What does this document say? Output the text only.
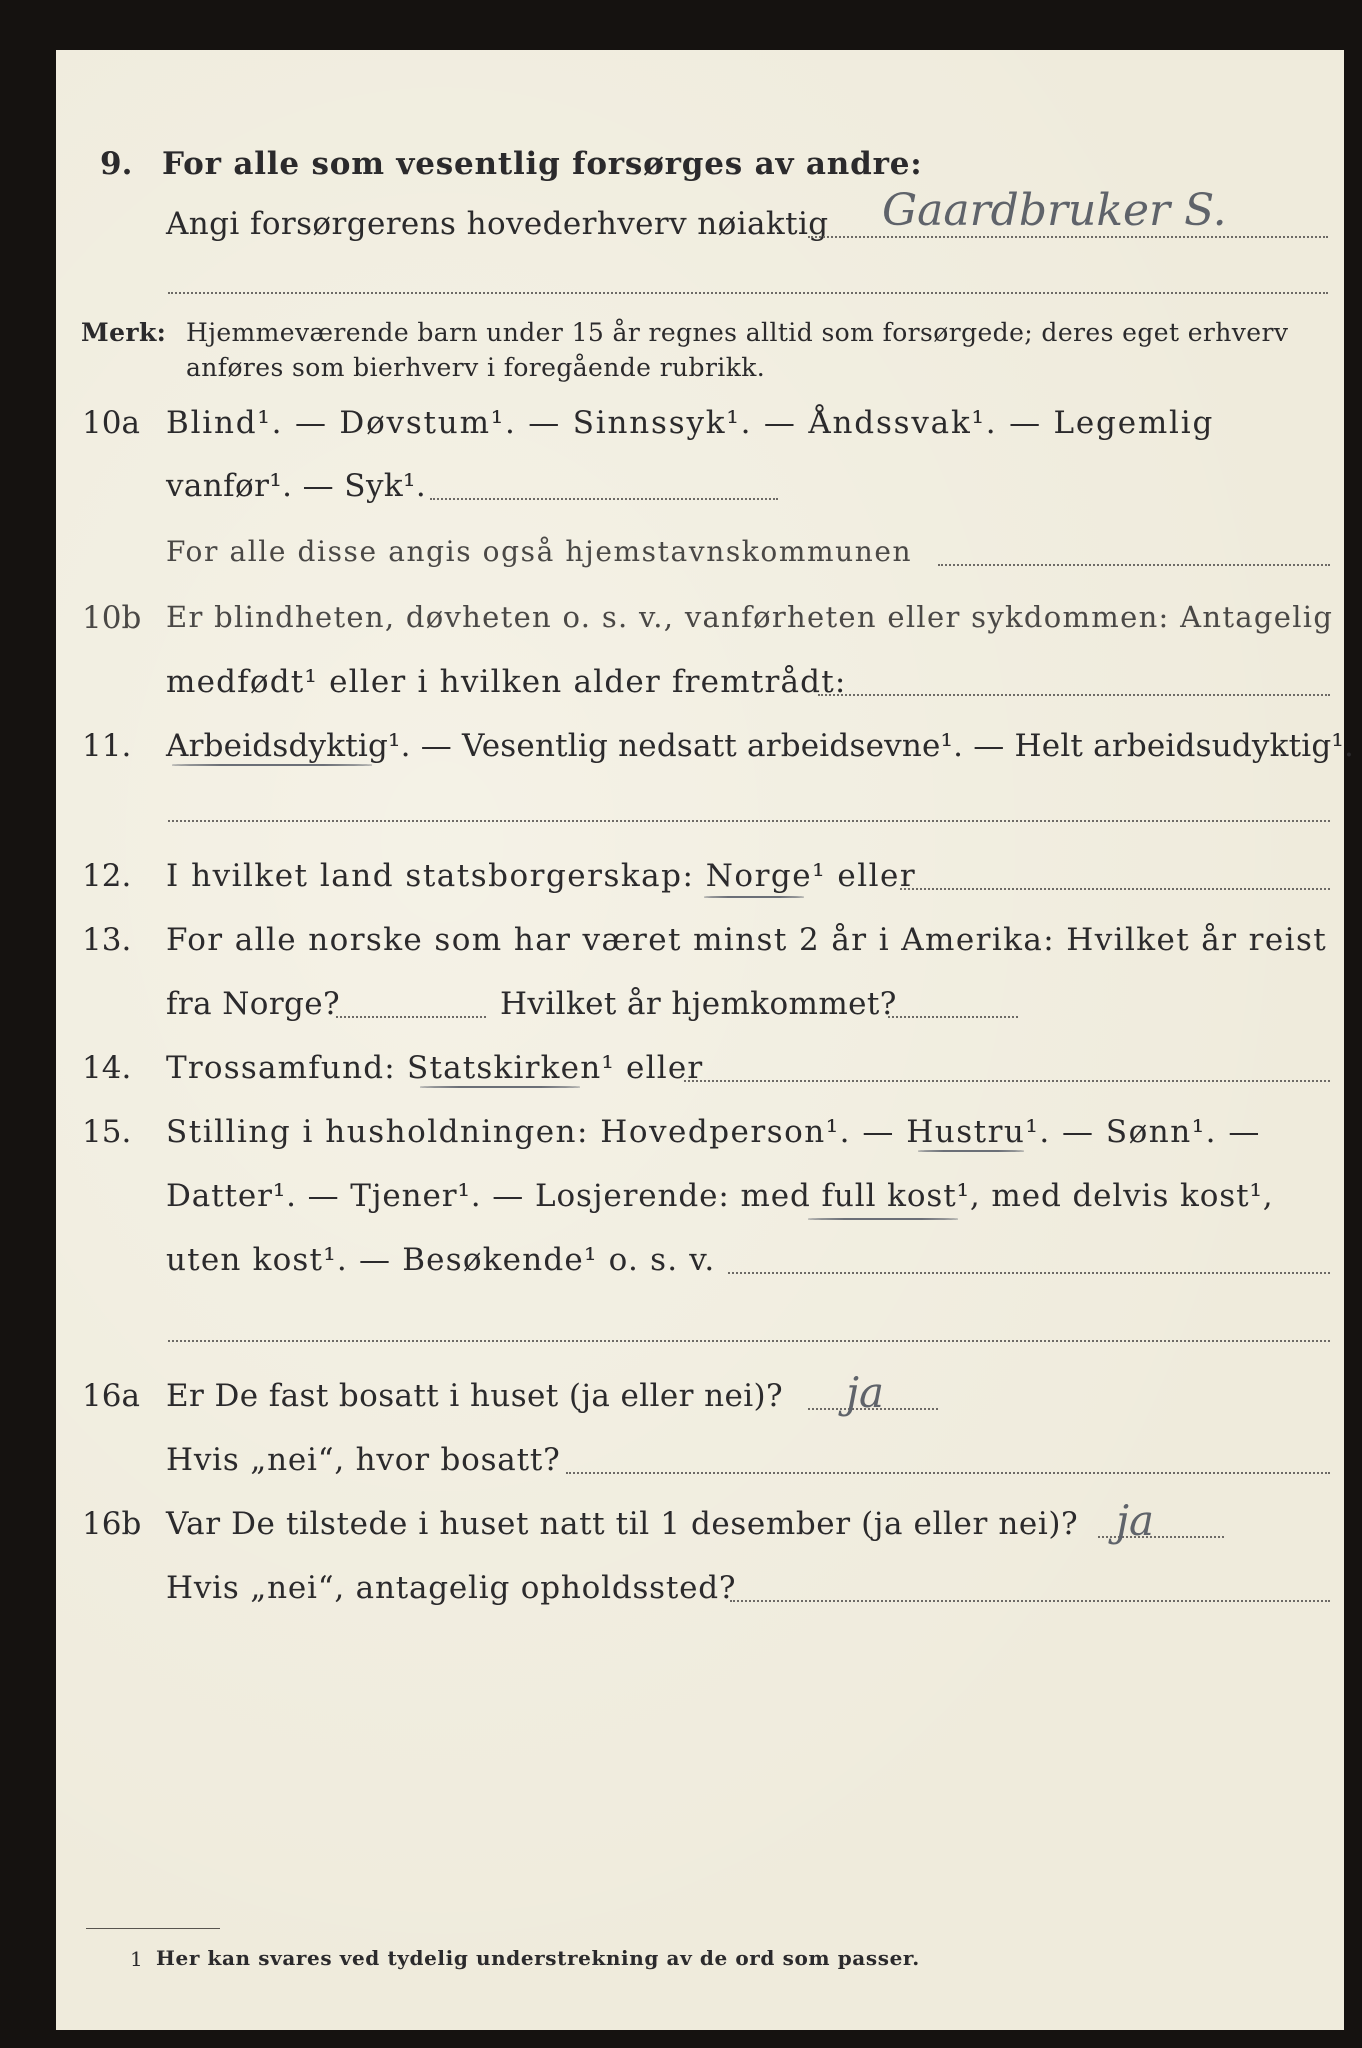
9. For alle som vesentlig forsørges av andre:
Angi forsørgerens hovederhverv nøiaktig Gaardbruker S.
Merk: Hjemmeværende barn under 15 år regnes alltid som forsørgede; deres eget erhverv
anføres som bierhverv i foregående rubrikk.
10a Blind¹. — Døvstum¹. — Sinnssyk¹. — Åndssvak¹. — Legemlig
vanfør¹. — Syk¹.
For alle disse angis også hjemstavnskommunen
10b Er blindheten, døvheten o. s. v., vanførheten eller sykdommen: Antagelig
medfødt¹ eller i hvilken alder fremtrådt:
11. Arbeidsdyktig¹. — Vesentlig nedsatt arbeidsevne¹. — Helt arbeidsudyktig¹.
12. I hvilket land statsborgerskap: Norge¹ eller
13. For alle norske som har været minst 2 år i Amerika: Hvilket år reist
fra Norge?	Hvilket år hjemkommet?
14. Trossamfund: Statskirken¹ eller
15. Stilling i husholdningen: Hovedperson¹. — Hustru¹. — Sønn¹. —
Datter¹. — Tjener¹. — Losjerende: med full kost¹, med delvis kost¹,
uten kost¹. — Besøkende¹ o. s. v.
16a Er De fast bosatt i huset (ja eller nei)? ja
Hvis „nei“, hvor bosatt?
16b Var De tilstede i huset natt til 1 desember (ja eller nei)? ja
Hvis „nei“, antagelig opholdssted?
1 Her kan svares ved tydelig understrekning av de ord som passer.
